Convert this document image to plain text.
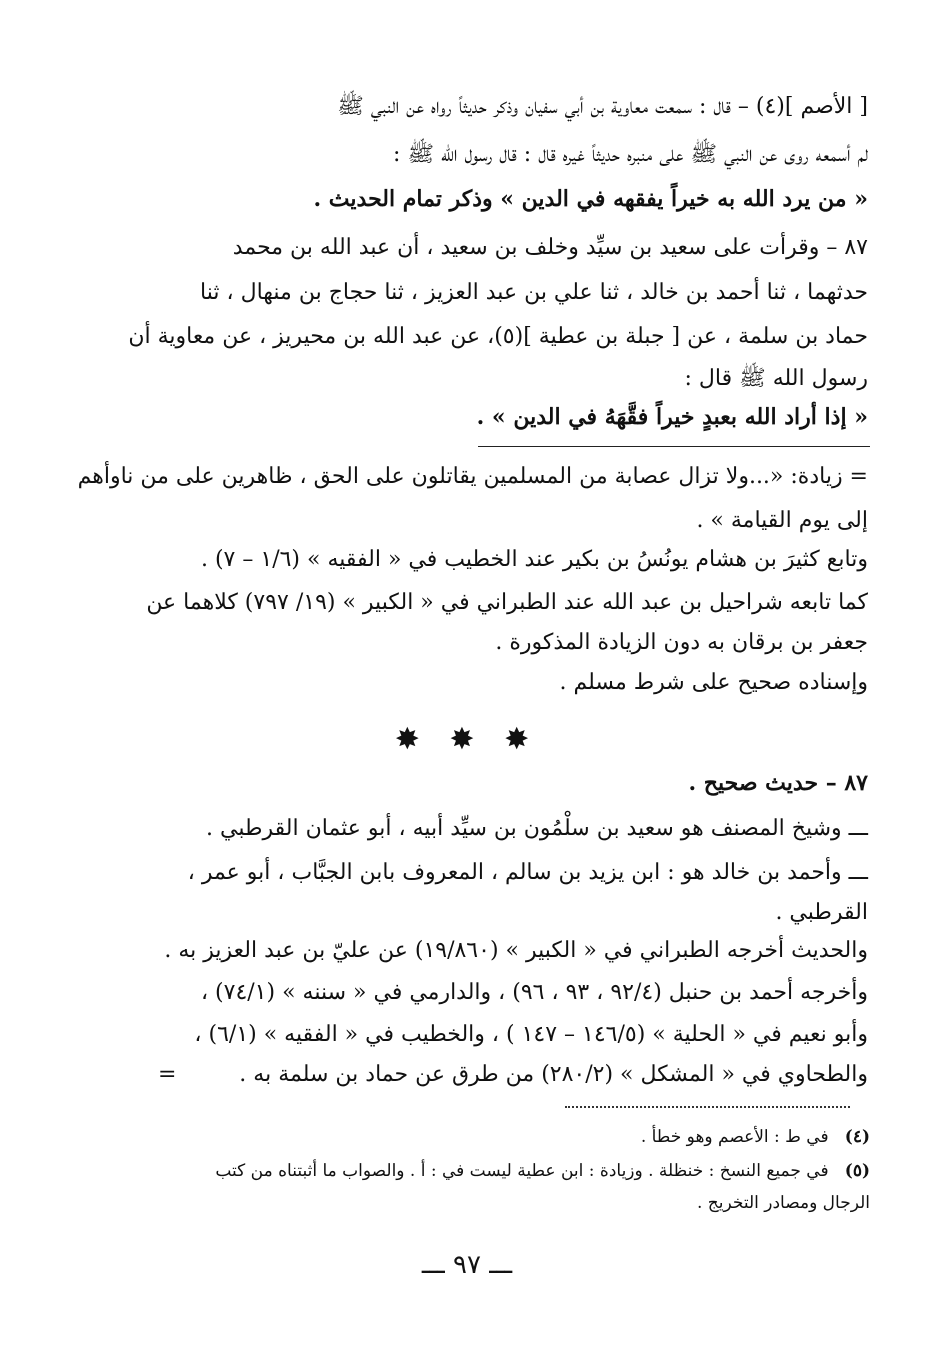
[ الأصم ](٤) – قال : سمعت معاوية بن أبي سفيان وذكر حديثاً رواه عن النبي ﷺ
لم أسمعه روى عن النبي ﷺ على منبره حديثاً غيره قال : قال رسول الله ﷺ :
« من يرد الله به خيراً يفقهه في الدين » وذكر تمام الحديث .
٨٧ – وقرأت على سعيد بن سيِّد وخلف بن سعيد ، أن عبد الله بن محمد
حدثهما ، ثنا أحمد بن خالد ، ثنا علي بن عبد العزيز ، ثنا حجاج بن منهال ، ثنا
حماد بن سلمة ، عن [ جبلة بن عطية ](٥)، عن عبد الله بن محيريز ، عن معاوية أن
رسول الله ﷺ قال :
« إذا أراد الله بعبدٍ خيراً فقَّهَهُ في الدين » .
= زيادة: «...ولا تزال عصابة من المسلمين يقاتلون على الحق ، ظاهرين على من ناوأهم
إلى يوم القيامة » .
وتابع كثيرَ بن هشام يونُسُ بن بكير عند الخطيب في « الفقيه » (١/٦ – ٧) .
كما تابعه شراحيل بن عبد الله عند الطبراني في « الكبير » (١٩/ ٧٩٧) كلاهما عن
جعفر بن برقان به دون الزيادة المذكورة .
وإسناده صحيح على شرط مسلم .
✸ ✸ ✸
٨٧ – حديث صحيح .
ـــ وشيخ المصنف هو سعيد بن سلْمُون بن سيِّد أبيه ، أبو عثمان القرطبي .
ـــ وأحمد بن خالد هو : ابن يزيد بن سالم ، المعروف بابن الجبَّاب ، أبو عمر ،
القرطبي .
والحديث أخرجه الطبراني في « الكبير » (١٩/٨٦٠) عن عليّ بن عبد العزيز به .
وأخرجه أحمد بن حنبل (٩٢/٤ ، ٩٣ ، ٩٦) ، والدارمي في « سننه » (٧٤/١) ،
وأبو نعيم في « الحلية » (١٤٦/٥ – ١٤٧ ) ، والخطيب في « الفقيه » (٦/١) ،
والطحاوي في « المشكل » (٢٨٠/٢) من طرق عن حماد بن سلمة به .
=
(٤) في ط : الأعصم وهو خطأ .
(٥) في جميع النسخ : خنظلة . وزيادة : ابن عطية ليست في : أ . والصواب ما أثبتناه من كتب
الرجال ومصادر التخريج .
ـــ ٩٧ ـــ
